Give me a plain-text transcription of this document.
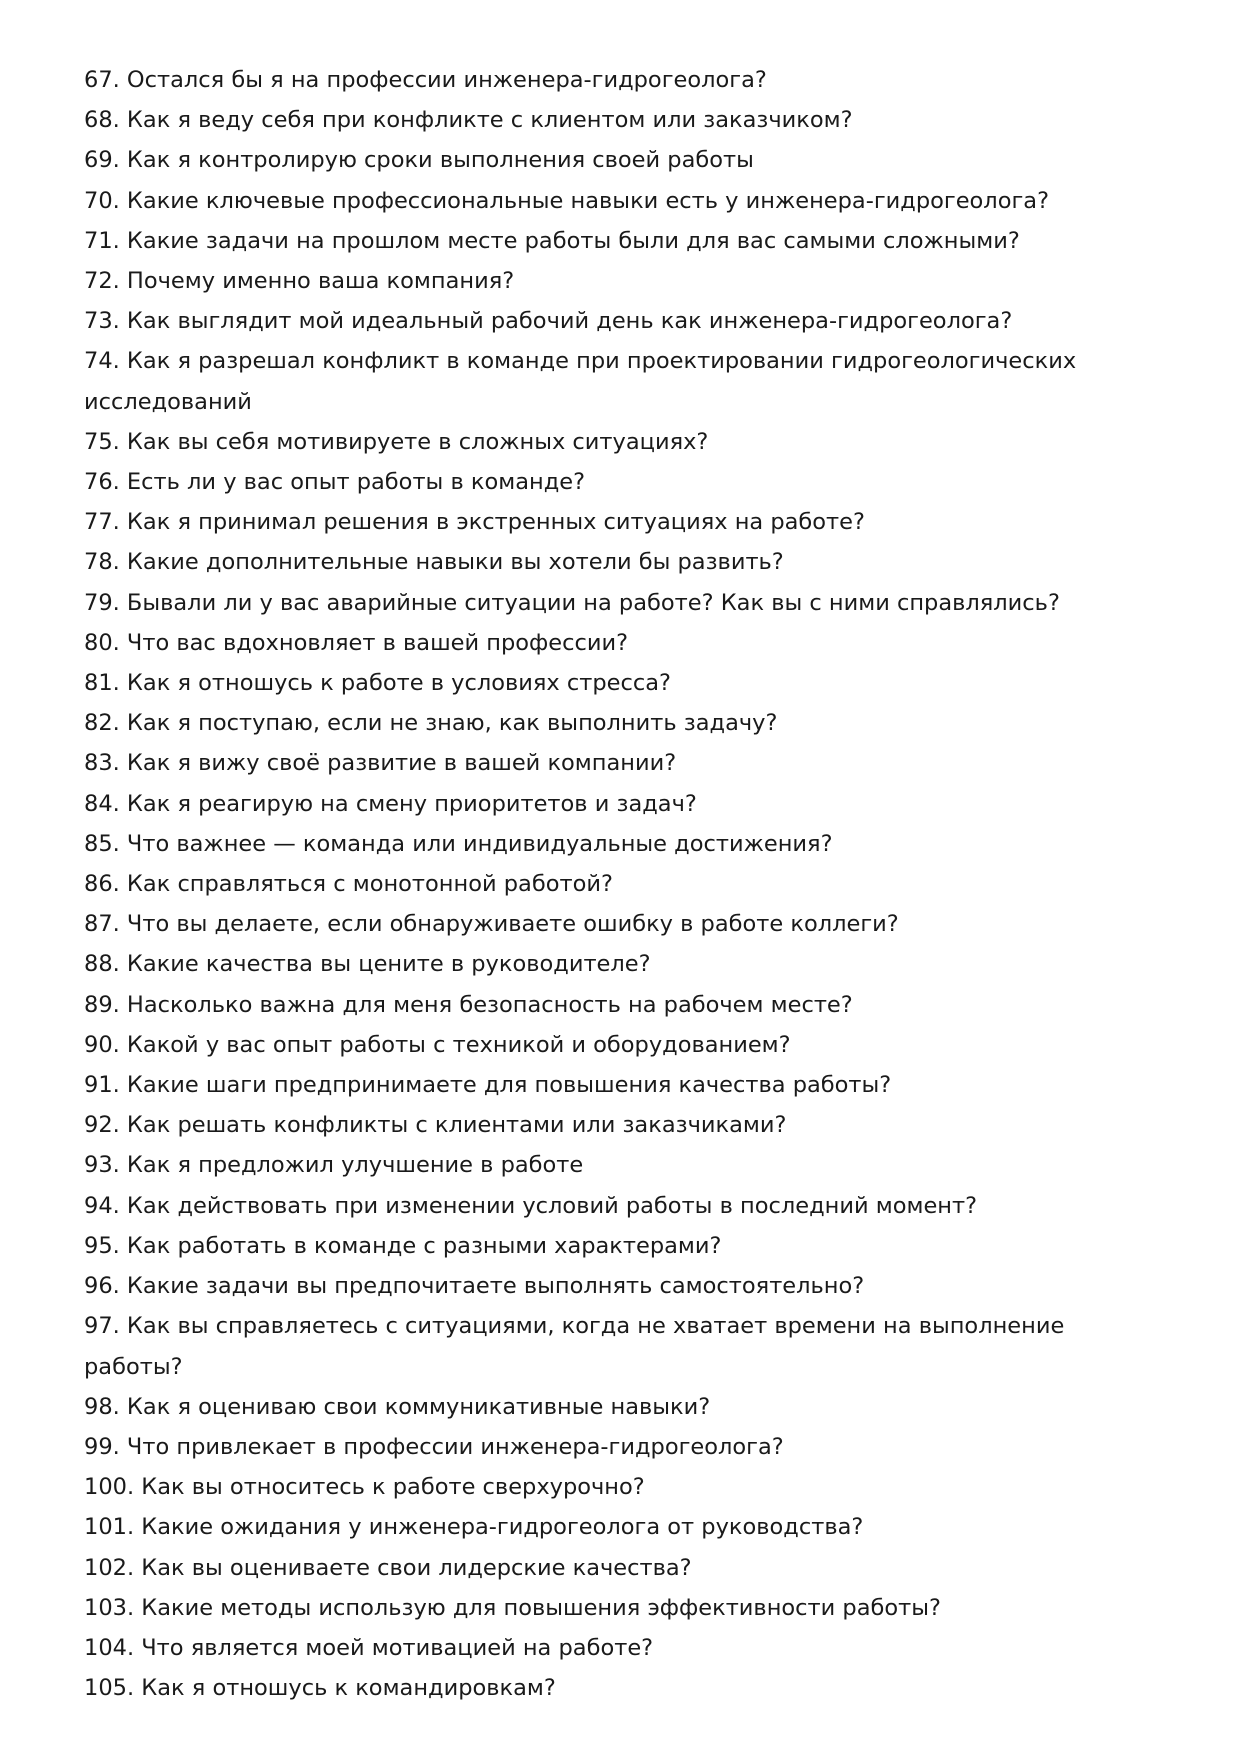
67. Остался бы я на профессии инженера-гидрогеолога?
68. Как я веду себя при конфликте с клиентом или заказчиком?
69. Как я контролирую сроки выполнения своей работы
70. Какие ключевые профессиональные навыки есть у инженера-гидрогеолога?
71. Какие задачи на прошлом месте работы были для вас самыми сложными?
72. Почему именно ваша компания?
73. Как выглядит мой идеальный рабочий день как инженера-гидрогеолога?
74. Как я разрешал конфликт в команде при проектировании гидрогеологических исследований
75. Как вы себя мотивируете в сложных ситуациях?
76. Есть ли у вас опыт работы в команде?
77. Как я принимал решения в экстренных ситуациях на работе?
78. Какие дополнительные навыки вы хотели бы развить?
79. Бывали ли у вас аварийные ситуации на работе? Как вы с ними справлялись?
80. Что вас вдохновляет в вашей профессии?
81. Как я отношусь к работе в условиях стресса?
82. Как я поступаю, если не знаю, как выполнить задачу?
83. Как я вижу своё развитие в вашей компании?
84. Как я реагирую на смену приоритетов и задач?
85. Что важнее — команда или индивидуальные достижения?
86. Как справляться с монотонной работой?
87. Что вы делаете, если обнаруживаете ошибку в работе коллеги?
88. Какие качества вы цените в руководителе?
89. Насколько важна для меня безопасность на рабочем месте?
90. Какой у вас опыт работы с техникой и оборудованием?
91. Какие шаги предпринимаете для повышения качества работы?
92. Как решать конфликты с клиентами или заказчиками?
93. Как я предложил улучшение в работе
94. Как действовать при изменении условий работы в последний момент?
95. Как работать в команде с разными характерами?
96. Какие задачи вы предпочитаете выполнять самостоятельно?
97. Как вы справляетесь с ситуациями, когда не хватает времени на выполнение работы?
98. Как я оцениваю свои коммуникативные навыки?
99. Что привлекает в профессии инженера-гидрогеолога?
100. Как вы относитесь к работе сверхурочно?
101. Какие ожидания у инженера-гидрогеолога от руководства?
102. Как вы оцениваете свои лидерские качества?
103. Какие методы использую для повышения эффективности работы?
104. Что является моей мотивацией на работе?
105. Как я отношусь к командировкам?
